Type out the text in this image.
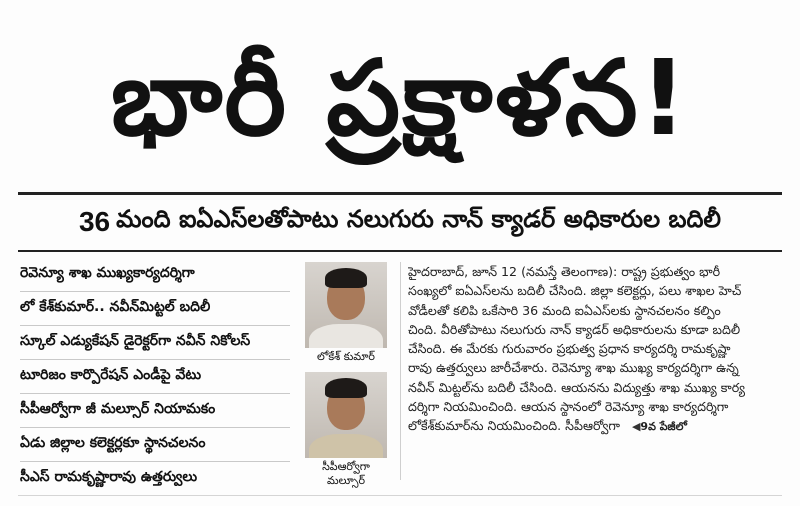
భారీ ప్రక్షాళన!
36 మంది ఐఏఎస్‌లతోపాటు నలుగురు నాన్ క్యాడర్ అధికారుల బదిలీ
రెవెన్యూ శాఖ ముఖ్యకార్యదర్శిగా
లో కేశ్‌కుమార్.. నవీన్‌మిట్టల్ బదిలీ
స్కూల్ ఎడ్యుకేషన్ డైరెక్టర్‌గా నవీన్ నికోలస్
టూరిజం కార్పొరేషన్ ఎండీపై వేటు
సీపీఆర్వోగా జీ మల్సూర్ నియామకం
ఏడు జిల్లాల కలెక్టర్లకూ స్థానచలనం
సీఎస్ రామకృష్ణారావు ఉత్తర్వులు
లోకేశ్ కుమార్
సీపీఆర్వోగా
మల్సూర్

హైదరాబాద్, జూన్ 12 (నమస్తే తెలంగాణ): రాష్ట్ర ప్రభుత్వం భారీ

సంఖ్యలో ఐఏఎస్‌లను బదిలీ చేసింది. జిల్లా కలెక్టర్లు, పలు శాఖల హెచ్

వోడీలతో కలిపి ఒకేసారి 36 మంది ఐఏఎస్‌లకు స్థానచలనం కల్పిం

చింది. వీరితోపాటు నలుగురు నాన్ క్యాడర్ అధికారులను కూడా బదిలీ

చేసింది. ఈ మేరకు గురువారం ప్రభుత్వ ప్రధాన కార్యదర్శి రామకృష్ణా

రావు ఉత్తర్వులు జారీచేశారు. రెవెన్యూ శాఖ ముఖ్య కార్యదర్శిగా ఉన్న

నవీన్ మిట్టల్‌ను బదిలీ చేసింది. ఆయనను విద్యుత్తు శాఖ ముఖ్య కార్య

దర్శిగా నియమించింది. ఆయన స్థానంలో రెవెన్యూ శాఖ కార్యదర్శిగా

లోకేశ్‌కుమార్‌ను నియమించింది. సీపీఆర్వోగా ◀9వ పేజీలో
